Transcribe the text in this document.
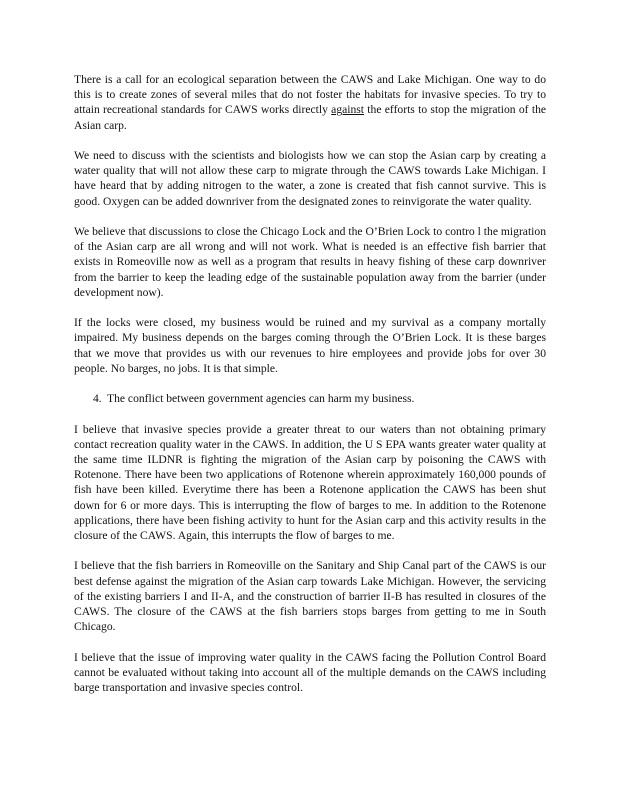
There is a call for an ecological separation between the CAWS and Lake Michigan. One way to do this is to create zones of several miles that do not foster the habitats for invasive species. To try to attain recreational standards for CAWS works directly against the efforts to stop the migration of the Asian carp.

We need to discuss with the scientists and biologists how we can stop the Asian carp by creating a water quality that will not allow these carp to migrate through the CAWS towards Lake Michigan. I have heard that by adding nitrogen to the water, a zone is created that fish cannot survive. This is good. Oxygen can be added downriver from the designated zones to reinvigorate the water quality.

We believe that discussions to close the Chicago Lock and the O’Brien Lock to contro l the migration of the Asian carp are all wrong and will not work. What is needed is an effective fish barrier that exists in Romeoville now as well as a program that results in heavy fishing of these carp downriver from the barrier to keep the leading edge of the sustainable population away from the barrier (under development now).

If the locks were closed, my business would be ruined and my survival as a company mortally impaired. My business depends on the barges coming through the O’Brien Lock. It is these barges that we move that provides us with our revenues to hire employees and provide jobs for over 30 people. No barges, no jobs. It is that simple.

4. The conflict between government agencies can harm my business.

I believe that invasive species provide a greater threat to our waters than not obtaining primary contact recreation quality water in the CAWS. In addition, the U S EPA wants greater water quality at the same time ILDNR is fighting the migration of the Asian carp by poisoning the CAWS with Rotenone. There have been two applications of Rotenone wherein approximately 160,000 pounds of fish have been killed. Everytime there has been a Rotenone application the CAWS has been shut down for 6 or more days. This is interrupting the flow of barges to me. In addition to the Rotenone applications, there have been fishing activity to hunt for the Asian carp and this activity results in the closure of the CAWS. Again, this interrupts the flow of barges to me.

I believe that the fish barriers in Romeoville on the Sanitary and Ship Canal part of the CAWS is our best defense against the migration of the Asian carp towards Lake Michigan. However, the servicing of the existing barriers I and II-A, and the construction of barrier II-B has resulted in closures of the CAWS. The closure of the CAWS at the fish barriers stops barges from getting to me in South Chicago.

I believe that the issue of improving water quality in the CAWS facing the Pollution Control Board cannot be evaluated without taking into account all of the multiple demands on the CAWS including barge transportation and invasive species control.
